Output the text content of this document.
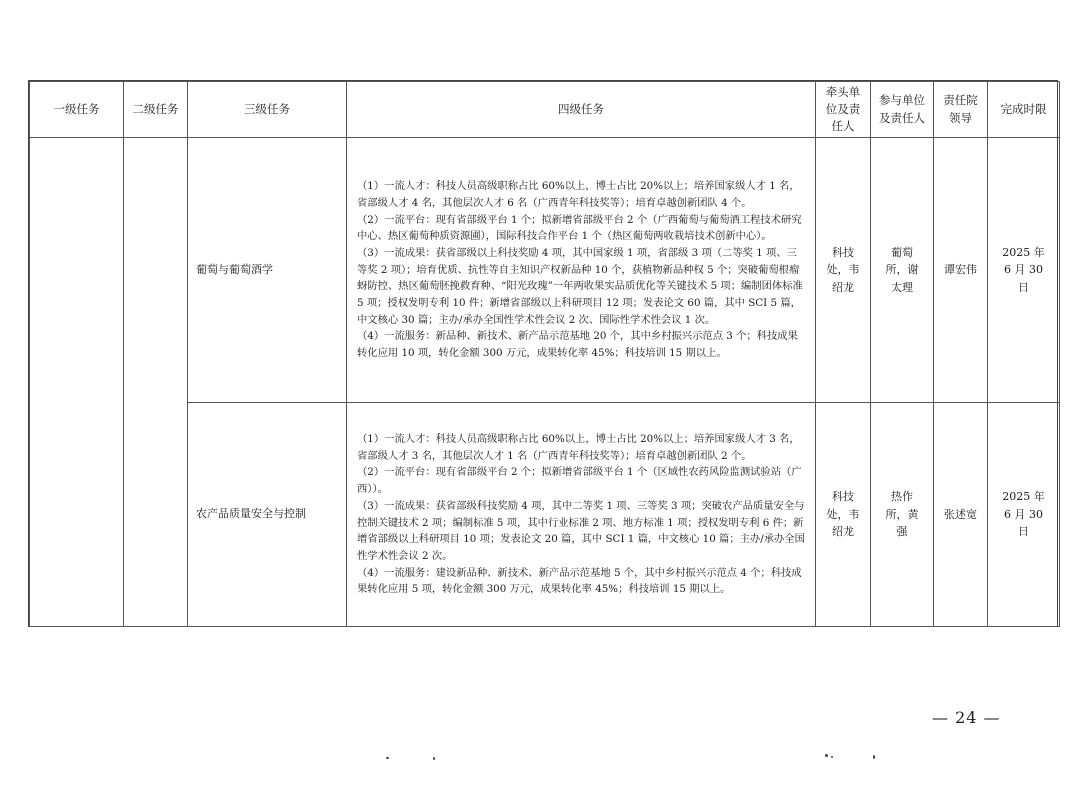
一级任务	二级任务	三级任务	四级任务	牵头单位及责任人	参与单位及责任人	责任院领导	完成时限
		葡萄与葡萄酒学	（1）一流人才：科技人员高级职称占比 60%以上，博士占比 20%以上；培养国家级人才 1 名，省部级人才 4 名，其他层次人才 6 名（广西青年科技奖等）；培育卓越创新团队 4 个。

（2）一流平台：现有省部级平台 1 个；拟新增省部级平台 2 个（广西葡萄与葡萄酒工程技术研究中心、热区葡萄种质资源圃），国际科技合作平台 1 个（热区葡萄两收栽培技术创新中心）。

（3）一流成果：获省部级以上科技奖励 4 项，其中国家级 1 项，省部级 3 项（二等奖 1 项、三等奖 2 项）；培育优质、抗性等自主知识产权新品种 10 个，获植物新品种权 5 个；突破葡萄根瘤蚜防控、热区葡萄胚挽救育种、“阳光玫瑰”一年两收果实品质优化等关键技术 5 项；编制团体标准 5 项；授权发明专利 10 件；新增省部级以上科研项目 12 项；发表论文 60 篇，其中 SCI 5 篇，中文核心 30 篇；主办/承办全国性学术性会议 2 次、国际性学术性会议 1 次。

（4）一流服务：新品种、新技术、新产品示范基地 20 个，其中乡村振兴示范点 3 个；科技成果转化应用 10 项，转化金额 300 万元，成果转化率 45%；科技培训 15 期以上。	科技处，韦绍龙	葡萄所，谢太理	谭宏伟	2025 年 6 月 30 日
		农产品质量安全与控制	（1）一流人才：科技人员高级职称占比 60%以上，博士占比 20%以上；培养国家级人才 3 名，省部级人才 3 名，其他层次人才 1 名（广西青年科技奖等）；培育卓越创新团队 2 个。

（2）一流平台：现有省部级平台 2 个；拟新增省部级平台 1 个（区域性农药风险监测试验站（广西））。

（3）一流成果：获省部级科技奖励 4 项，其中二等奖 1 项、三等奖 3 项；突破农产品质量安全与控制关键技术 2 项；编制标准 5 项，其中行业标准 2 项、地方标准 1 项；授权发明专利 6 件；新增省部级以上科研项目 10 项；发表论文 20 篇，其中 SCI 1 篇，中文核心 10 篇；主办/承办全国性学术性会议 2 次。

（4）一流服务：建设新品种、新技术、新产品示范基地 5 个，其中乡村振兴示范点 4 个；科技成果转化应用 5 项，转化金额 300 万元，成果转化率 45%；科技培训 15 期以上。	科技处，韦绍龙	热作所，黄强	张述宽	2025 年 6 月 30 日
— 24 —
